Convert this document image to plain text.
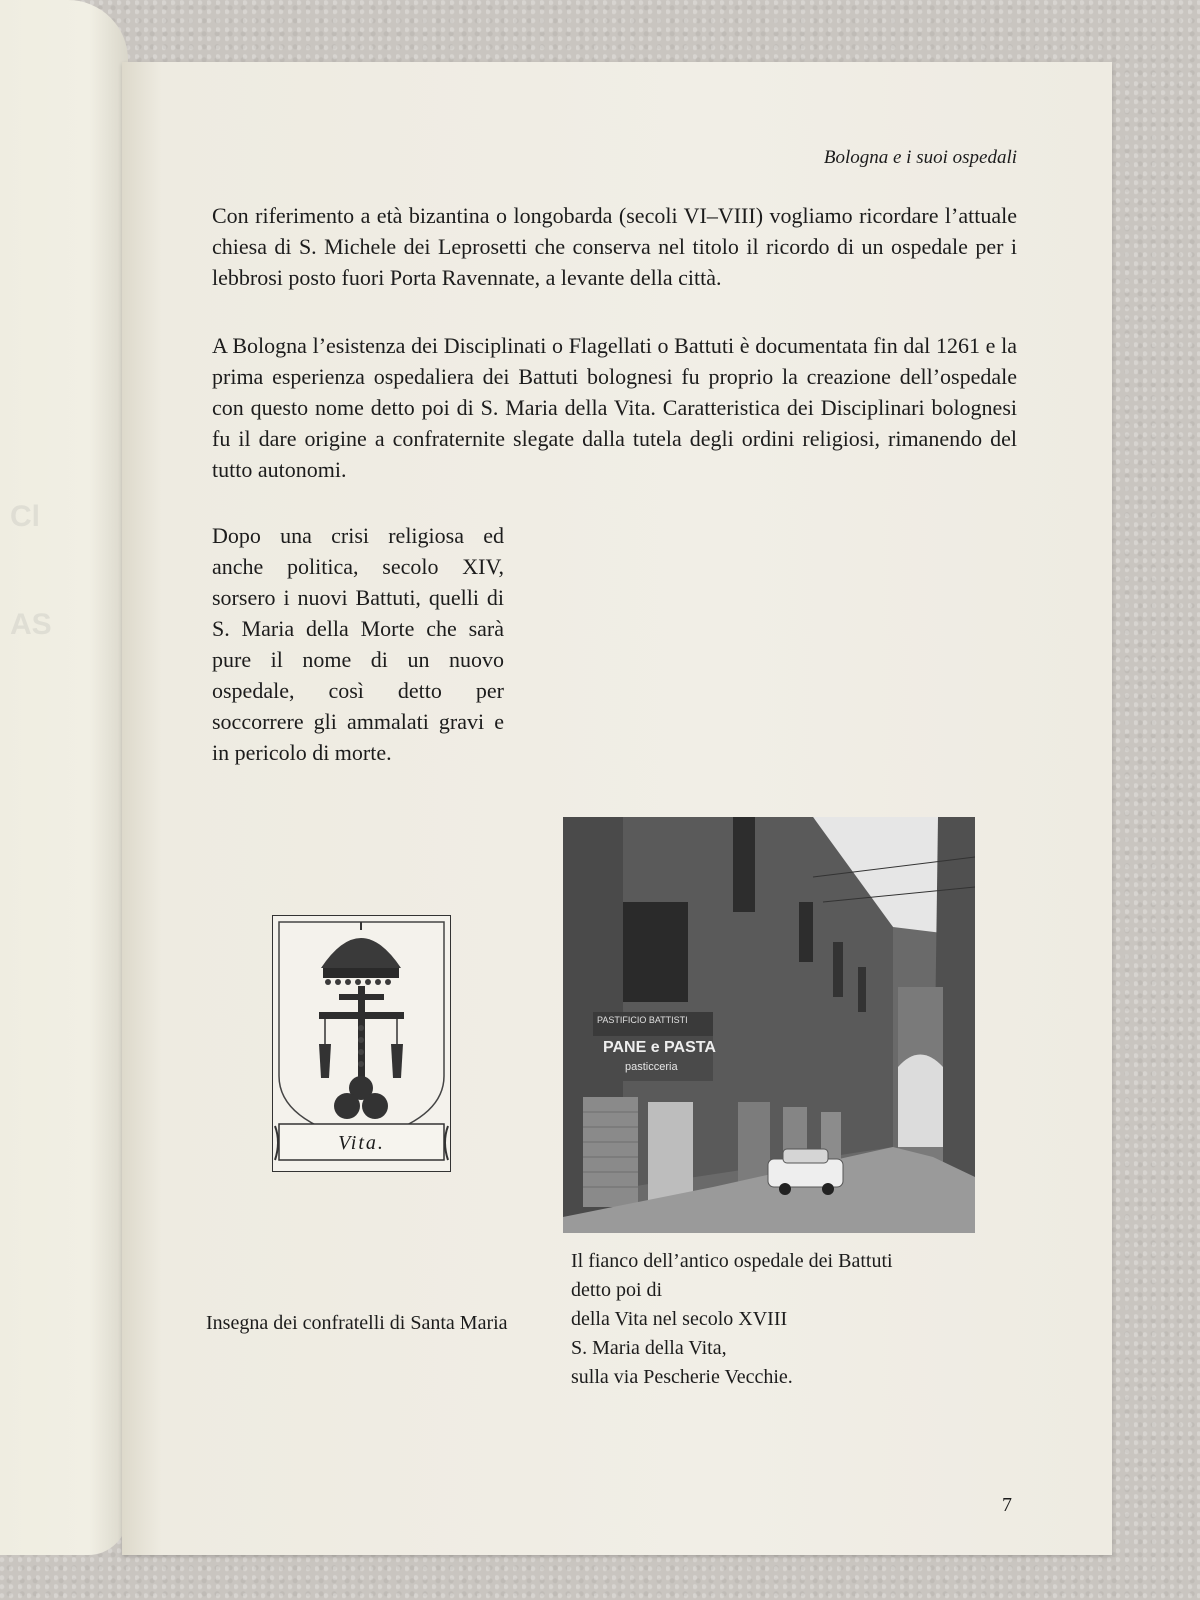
Cl
AS
Bologna e i suoi ospedali

Con riferimento a età bizantina o longobarda (secoli VI–VIII) vogliamo ricordare l’attuale chiesa di S. Michele dei Leprosetti che conserva nel titolo il ricordo di un ospedale per i lebbrosi posto fuori Porta Ravennate, a levante della città.

A Bologna l’esistenza dei Disciplinati o Flagellati o Battuti è documentata fin dal 1261 e la prima esperienza ospedaliera dei Battuti bolognesi fu proprio la creazione dell’ospedale con questo nome detto poi di S. Maria della Vita. Caratteristica dei Disciplinari bolognesi fu il dare origine a confraternite slegate dalla tutela degli ordini religiosi, rimanendo del tutto autonomi.

Dopo una crisi religiosa ed anche politica, secolo XIV, sorsero i nuovi Battuti, quelli di S. Maria della Morte che sarà pure il nome di un nuovo ospedale, così detto per soccorrere gli ammalati gravi e in pericolo di morte.

Vita.
PASTIFICIO BATTISTI
PANE e PASTA
pasticceria
Insegna dei confratelli di Santa Maria
Il fianco dell’antico ospedale dei Battuti
detto poi di
della Vita nel secolo XVIII
S. Maria della Vita,
sulla via Pescherie Vecchie.
7
